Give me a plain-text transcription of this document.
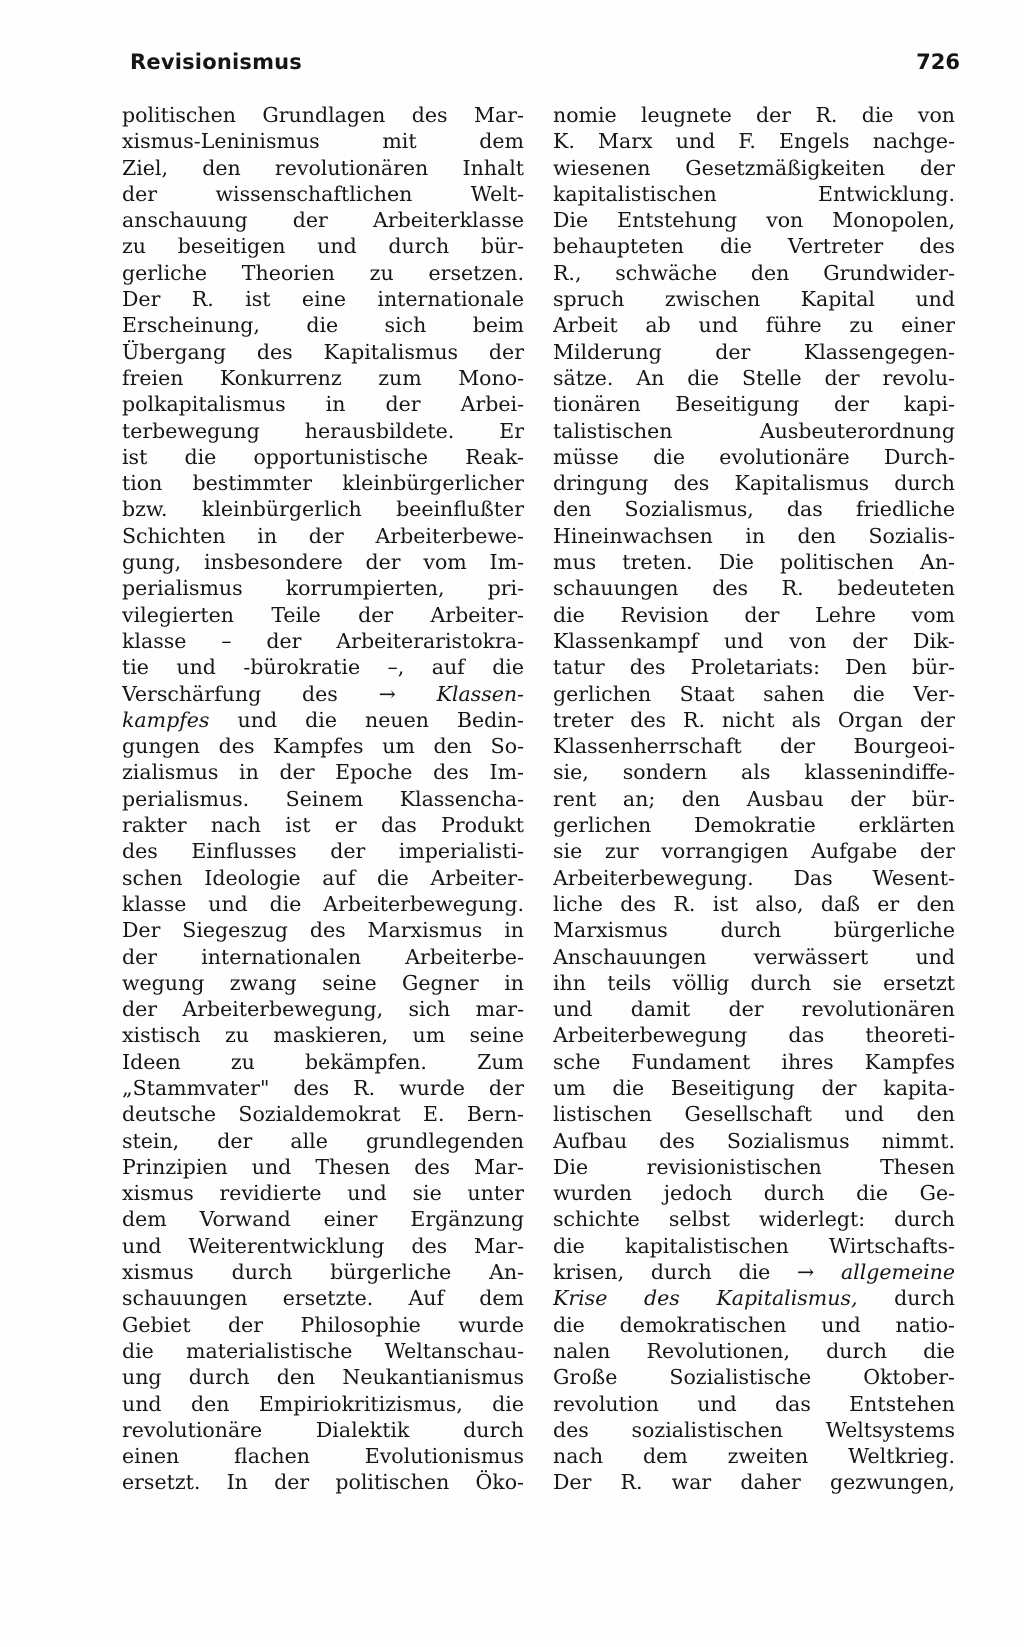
Revisionismus	726
politischen Grundlagen des Mar-
xismus-Leninismus mit dem
Ziel, den revolutionären Inhalt
der wissenschaftlichen Welt-
anschauung der Arbeiterklasse
zu beseitigen und durch bür-
gerliche Theorien zu ersetzen.
Der R. ist eine internationale
Erscheinung, die sich beim
Übergang des Kapitalismus der
freien Konkurrenz zum Mono-
polkapitalismus in der Arbei-
terbewegung herausbildete. Er
ist die opportunistische Reak-
tion bestimmter kleinbürgerlicher
bzw. kleinbürgerlich beeinflußter
Schichten in der Arbeiterbewe-
gung, insbesondere der vom Im-
perialismus korrumpierten, pri-
vilegierten Teile der Arbeiter-
klasse – der Arbeiteraristokra-
tie und -bürokratie –, auf die
Verschärfung des → Klassen-
kampfes und die neuen Bedin-
gungen des Kampfes um den So-
zialismus in der Epoche des Im-
perialismus. Seinem Klassencha-
rakter nach ist er das Produkt
des Einflusses der imperialisti-
schen Ideologie auf die Arbeiter-
klasse und die Arbeiterbewegung.
Der Siegeszug des Marxismus in
der internationalen Arbeiterbe-
wegung zwang seine Gegner in
der Arbeiterbewegung, sich mar-
xistisch zu maskieren, um seine
Ideen zu bekämpfen. Zum
„Stammvater" des R. wurde der
deutsche Sozialdemokrat E. Bern-
stein, der alle grundlegenden
Prinzipien und Thesen des Mar-
xismus revidierte und sie unter
dem Vorwand einer Ergänzung
und Weiterentwicklung des Mar-
xismus durch bürgerliche An-
schauungen ersetzte. Auf dem
Gebiet der Philosophie wurde
die materialistische Weltanschau-
ung durch den Neukantianismus
und den Empiriokritizismus, die
revolutionäre Dialektik durch
einen flachen Evolutionismus
ersetzt. In der politischen Öko-
nomie leugnete der R. die von
K. Marx und F. Engels nachge-
wiesenen Gesetzmäßigkeiten der
kapitalistischen Entwicklung.
Die Entstehung von Monopolen,
behaupteten die Vertreter des
R., schwäche den Grundwider-
spruch zwischen Kapital und
Arbeit ab und führe zu einer
Milderung der Klassengegen-
sätze. An die Stelle der revolu-
tionären Beseitigung der kapi-
talistischen Ausbeuterordnung
müsse die evolutionäre Durch-
dringung des Kapitalismus durch
den Sozialismus, das friedliche
Hineinwachsen in den Sozialis-
mus treten. Die politischen An-
schauungen des R. bedeuteten
die Revision der Lehre vom
Klassenkampf und von der Dik-
tatur des Proletariats: Den bür-
gerlichen Staat sahen die Ver-
treter des R. nicht als Organ der
Klassenherrschaft der Bourgeoi-
sie, sondern als klassenindiffe-
rent an; den Ausbau der bür-
gerlichen Demokratie erklärten
sie zur vorrangigen Aufgabe der
Arbeiterbewegung. Das Wesent-
liche des R. ist also, daß er den
Marxismus durch bürgerliche
Anschauungen verwässert und
ihn teils völlig durch sie ersetzt
und damit der revolutionären
Arbeiterbewegung das theoreti-
sche Fundament ihres Kampfes
um die Beseitigung der kapita-
listischen Gesellschaft und den
Aufbau des Sozialismus nimmt.
Die revisionistischen Thesen
wurden jedoch durch die Ge-
schichte selbst widerlegt: durch
die kapitalistischen Wirtschafts-
krisen, durch die → allgemeine
Krise des Kapitalismus, durch
die demokratischen und natio-
nalen Revolutionen, durch die
Große Sozialistische Oktober-
revolution und das Entstehen
des sozialistischen Weltsystems
nach dem zweiten Weltkrieg.
Der R. war daher gezwungen,
